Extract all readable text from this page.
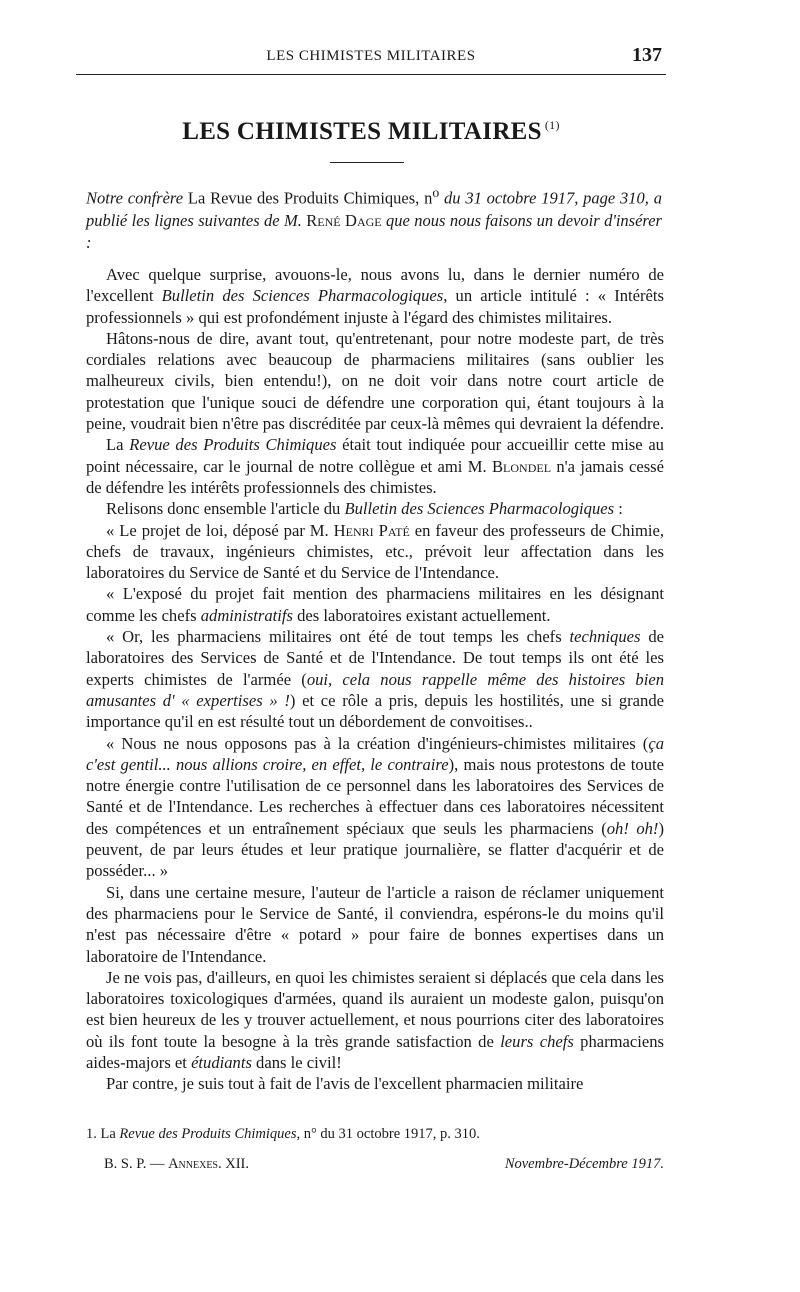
LES CHIMISTES MILITAIRES	137
LES CHIMISTES MILITAIRES $^{(1)}$
Notre confrère La Revue des Produits Chimiques, $n^o$ du 31 octobre 1917, page 310, a publié les lignes suivantes de M. René Dage que nous nous faisons un devoir d'insérer :

Avec quelque surprise, avouons-le, nous avons lu, dans le dernier numéro de l'excellent Bulletin des Sciences Pharmacologiques, un article intitulé : « Intérêts professionnels » qui est profondément injuste à l'égard des chimistes militaires.

Hâtons-nous de dire, avant tout, qu'entretenant, pour notre modeste part, de très cordiales relations avec beaucoup de pharmaciens militaires (sans oublier les malheureux civils, bien entendu!), on ne doit voir dans notre court article de protestation que l'unique souci de défendre une corporation qui, étant toujours à la peine, voudrait bien n'être pas discréditée par ceux-là mêmes qui devraient la défendre.

La Revue des Produits Chimiques était tout indiquée pour accueillir cette mise au point nécessaire, car le journal de notre collègue et ami M. Blondel n'a jamais cessé de défendre les intérêts professionnels des chimistes.

Relisons donc ensemble l'article du Bulletin des Sciences Pharmacologiques :

« Le projet de loi, déposé par M. Henri Paté en faveur des professeurs de Chimie, chefs de travaux, ingénieurs chimistes, etc., prévoit leur affectation dans les laboratoires du Service de Santé et du Service de l'Intendance.

« L'exposé du projet fait mention des pharmaciens militaires en les désignant comme les chefs administratifs des laboratoires existant actuellement.

« Or, les pharmaciens militaires ont été de tout temps les chefs techniques de laboratoires des Services de Santé et de l'Intendance. De tout temps ils ont été les experts chimistes de l'armée (oui, cela nous rappelle même des histoires bien amusantes d' « expertises » !) et ce rôle a pris, depuis les hostilités, une si grande importance qu'il en est résulté tout un débordement de convoitises..

« Nous ne nous opposons pas à la création d'ingénieurs-chimistes militaires (ça c'est gentil... nous allions croire, en effet, le contraire), mais nous protestons de toute notre énergie contre l'utilisation de ce personnel dans les laboratoires des Services de Santé et de l'Intendance. Les recherches à effectuer dans ces laboratoires nécessitent des compétences et un entraînement spéciaux que seuls les pharmaciens (oh! oh!) peuvent, de par leurs études et leur pratique journalière, se flatter d'acquérir et de posséder... »

Si, dans une certaine mesure, l'auteur de l'article a raison de réclamer uniquement des pharmaciens pour le Service de Santé, il conviendra, espérons-le du moins qu'il n'est pas nécessaire d'être « potard » pour faire de bonnes expertises dans un laboratoire de l'Intendance.

Je ne vois pas, d'ailleurs, en quoi les chimistes seraient si déplacés que cela dans les laboratoires toxicologiques d'armées, quand ils auraient un modeste galon, puisqu'on est bien heureux de les y trouver actuellement, et nous pourrions citer des laboratoires où ils font toute la besogne à la très grande satisfaction de leurs chefs pharmaciens aides-majors et étudiants dans le civil!

Par contre, je suis tout à fait de l'avis de l'excellent pharmacien militaire

1. La Revue des Produits Chimiques, n° du 31 octobre 1917, p. 310.
B. S. P. — Annexes. XII.	Novembre-Décembre 1917.
